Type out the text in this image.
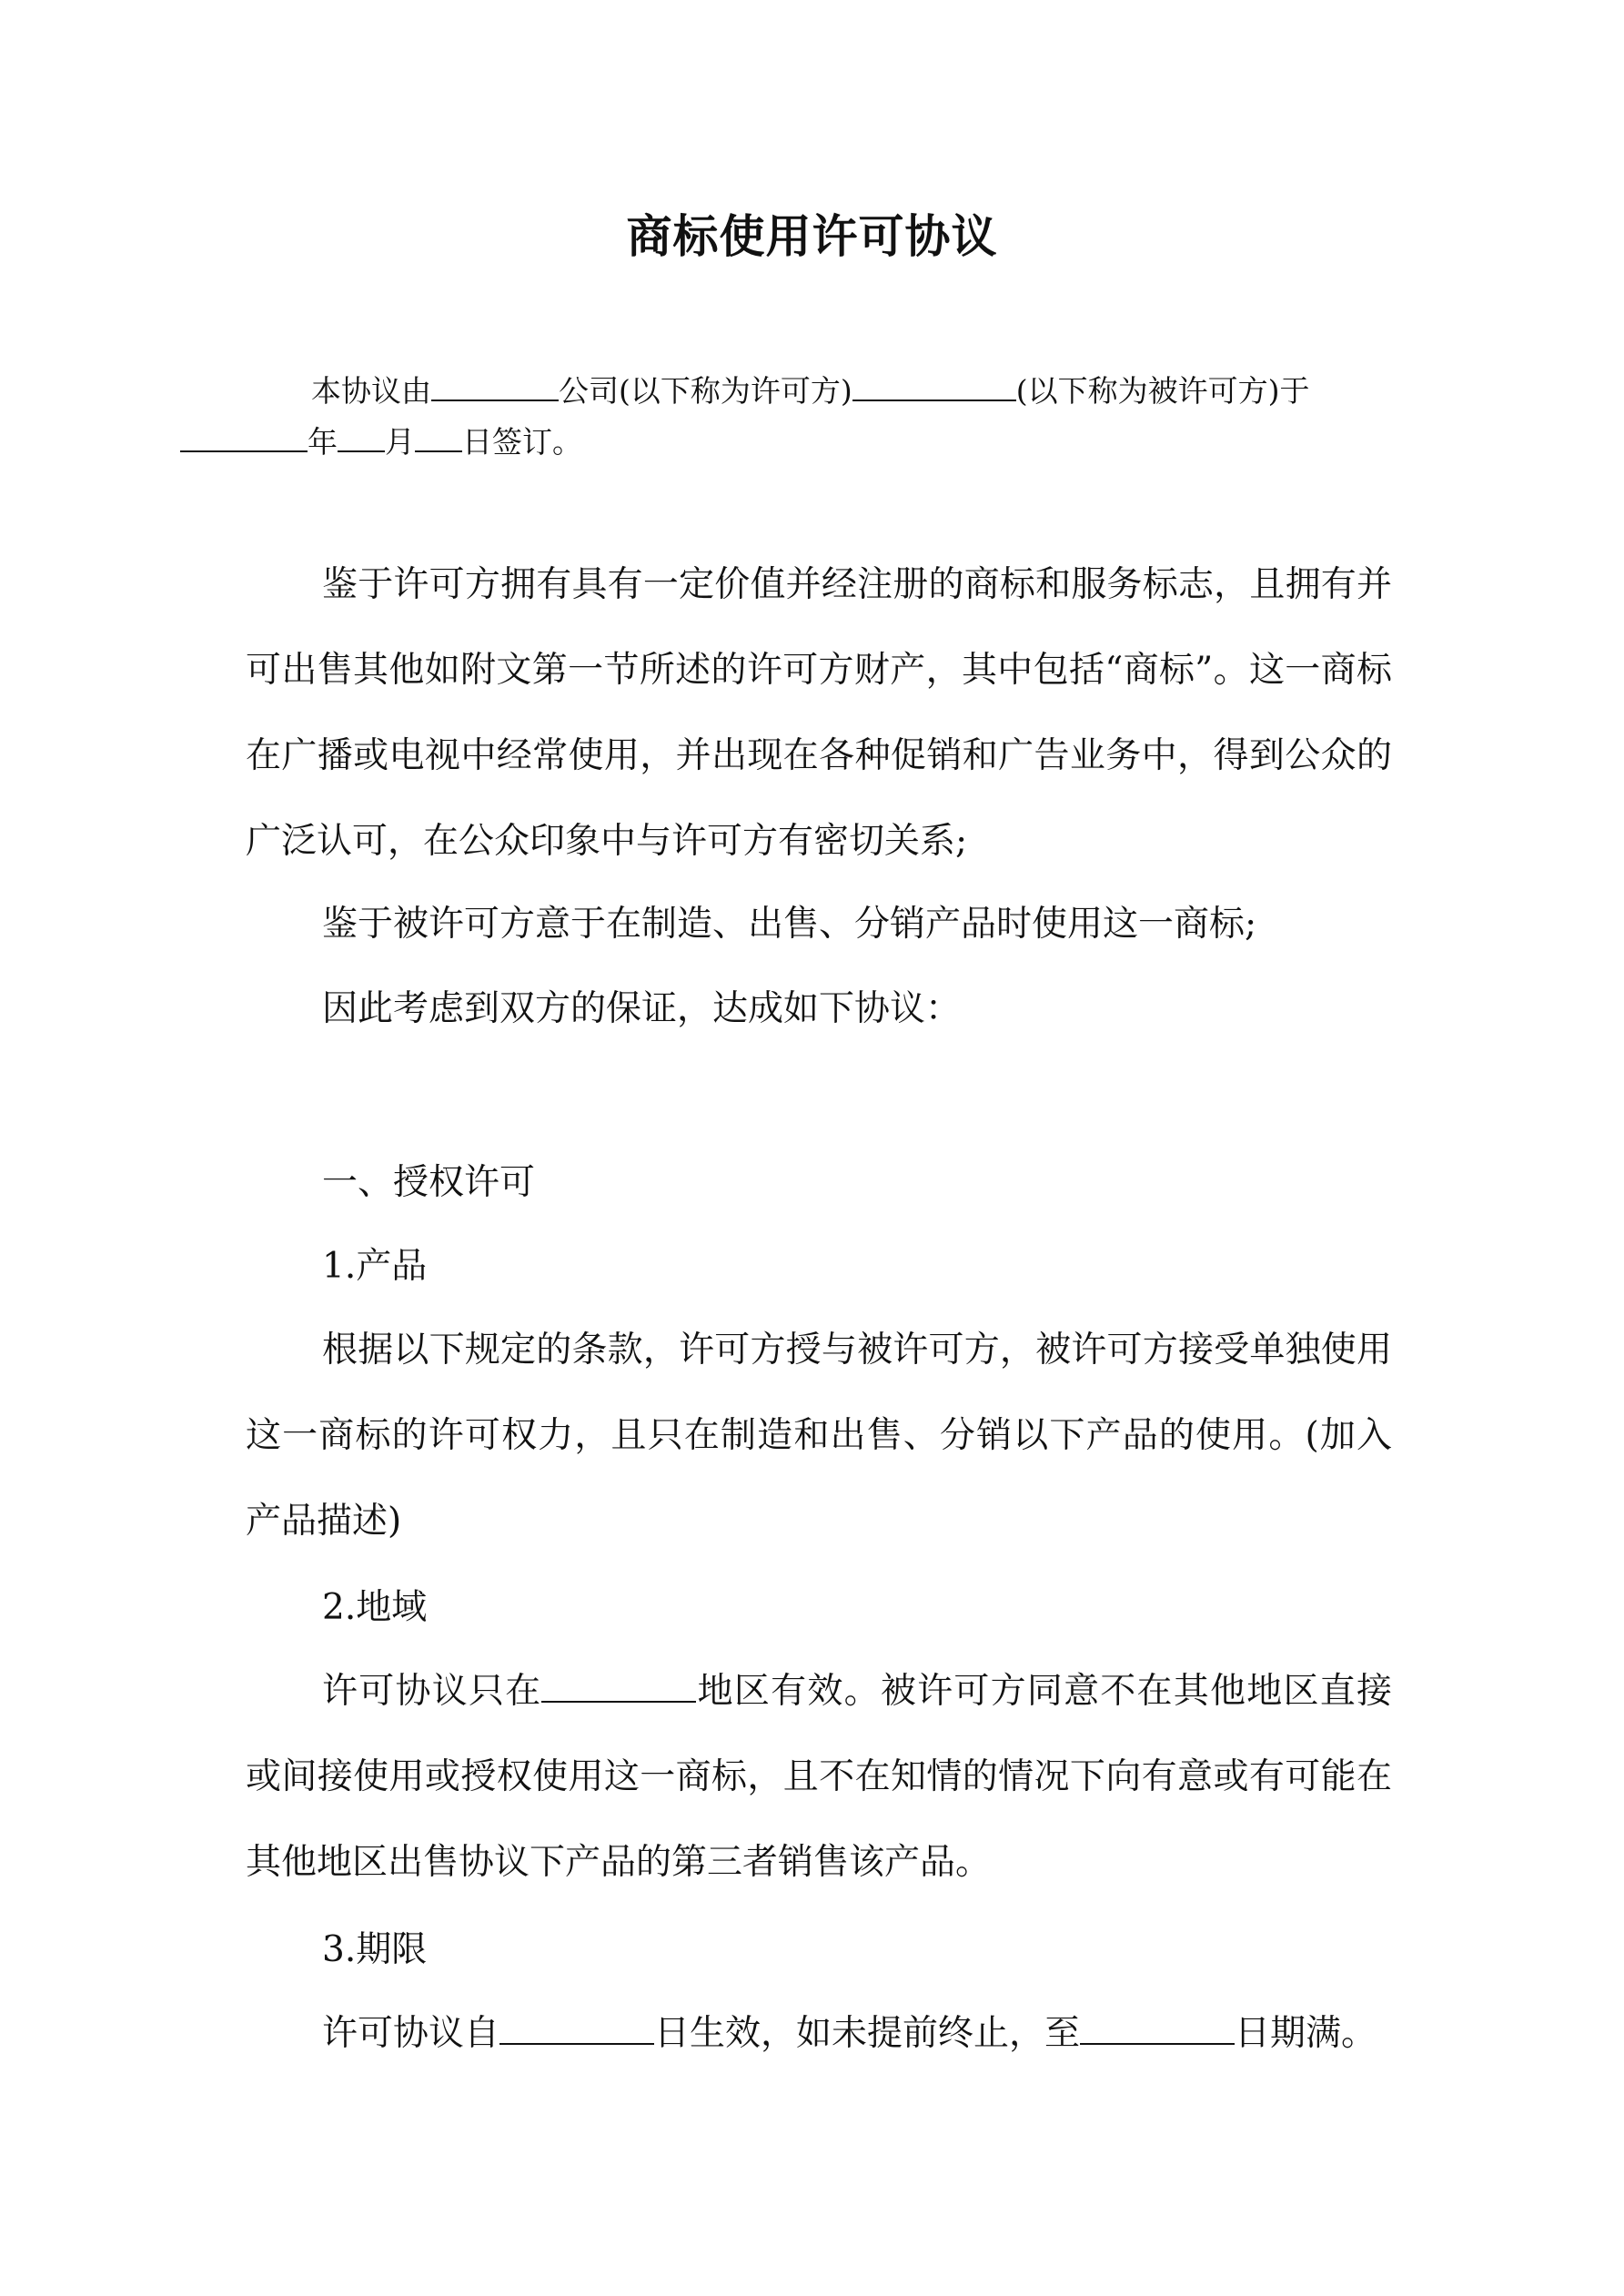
商标使用许可协议
本协议由	公司(以下称为许可方)	(以下称为被许可方)于
年 月 日签订。
鉴于许可方拥有具有一定价值并经注册的商标和服务标志，且拥有并可出售其他如附文第一节所述的许可方财产，其中包括“商标”。这一商标在广播或电视中经常使用，并出现在各种促销和广告业务中，得到公众的广泛认可，在公众印象中与许可方有密切关系;
鉴于被许可方意于在制造、出售、分销产品时使用这一商标;
因此考虑到双方的保证，达成如下协议：
一、授权许可
1.产品
根据以下规定的条款，许可方授与被许可方，被许可方接受单独使用这一商标的许可权力，且只在制造和出售、分销以下产品的使用。(加入产品描述)
2.地域
许可协议只在	地区有效。被许可方同意不在其他地区直接或间接使用或授权使用这一商标，且不在知情的情况下向有意或有可能在其他地区出售协议下产品的第三者销售该产品。
3.期限
许可协议自	日生效，如未提前终止，至	日期满。
